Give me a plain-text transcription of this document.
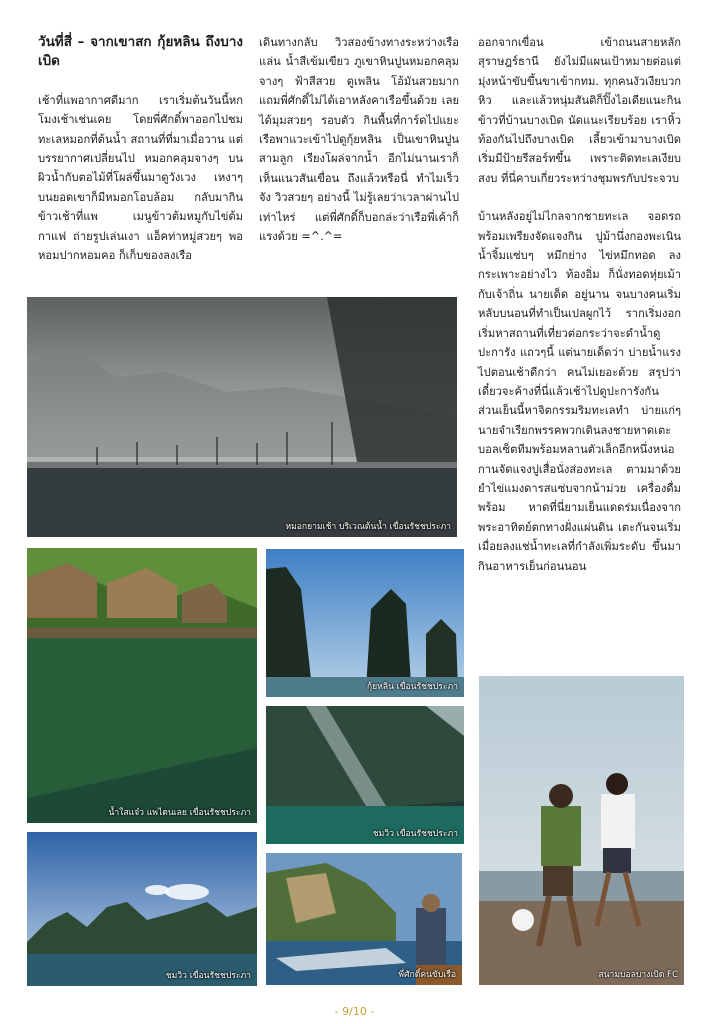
วันที่สี่ – จากเขาสก กุ้ยหลิน ถึงบางเบิด

เช้าที่แพอากาศดีมาก เราเริ่มต้นวันนี้หกโมงเช้าเช่นเคย โดยพี่ศักดิ์พาออกไปชมทะเลหมอกที่ต้นน้ำ สถานที่ที่มาเมื่อวาน แต่บรรยากาศเปลี่ยนไป หมอกคลุมจางๆ บนผิวน้ำกับตอไม้ที่โผล่ขึ้นมาดูวังเวง เหงาๆ บนยอดเขาก็มีหมอกโอบล้อม กลับมากินข้าวเช้าที่แพ เมนูข้าวต้มหมูกับไข่ต้ม กาแฟ ถ่ายรูปเล่นเงา แอ็คท่าหมู่สวยๆ พอหอมปากหอมคอ ก็เก็บของลงเรือ

เดินทางกลับ วิวสองข้างทางระหว่างเรือแล่น น้ำสีเข้มเขียว ภูเขาหินปูนหมอกคลุมจางๆ ฟ้าสีสวย ดูเพลิน โอ้มันสวยมาก แถมพี่ศักดิ์ไม่ได้เอาหลังคาเรือขึ้นด้วย เลยได้มุมสวยๆ รอบตัว กินพื้นที่การ์ดไปแยะ เรือพาแวะเข้าไปดูกุ้ยหลิน เป็นเขาหินปูนสามลูก เรียงโผล่จากน้ำ อีกไม่นานเราก็เห็นแนวสันเขื่อน ถึงแล้วหรือนี่ ทำไมเร็วจัง วิวสวยๆ อย่างนี้ ไม่รู้เลยว่าเวลาผ่านไปเท่าไหร่ แต่พี่ศักดิ์ก็บอกล่ะว่าเรือพี่เค้าก็แรงด้วย =^.^=

ออกจากเขื่อน เข้าถนนสายหลักสุราษฎร์ธานี ยังไม่มีแผนเป้าหมายต่อแต่มุ่งหน้าขับขึ้นขาเข้ากทม. ทุกคนงัวเงียบวกหิว และแล้วหนุ่มสันติก็ปิ๊งไอเดียแนะกินข้าวที่บ้านบางเบิด นัดแนะเรียบร้อย เราหิ้วท้องกันไปถึงบางเบิด เลี้ยวเข้ามาบางเบิดเริ่มมีป้ายรีสอร์ทขึ้น เพราะติดทะเลเงียบสงบ ที่นี่คาบเกี่ยวระหว่างชุมพรกับประจวบ

บ้านหลังอยู่ไม่ไกลจากชายทะเล จอดรถพร้อมเพรียงจัดแจงกิน ปูม้านึ่งกองพะเนิน น้ำจิ้มแซ่บๆ หมึกย่าง ไข่หมึกทอด ลงกระเพาะอย่างไว ท้องอิ่ม ก็นั่งทอดหุ่ยเม้ากับเจ้าถิ่น นายเด็ด อยู่นาน จนบางคนเริ่มหลับบนอนที่ทำเป็นเปลผูกไว้ รากเริ่มงอก เริ่มหาสถานที่เที่ยวต่อกระว่าจะดำน้ำดูปะการัง แถวๆนี้ แต่นายเด็ดว่า บ่ายน้ำแรง ไปตอนเช้าดีกว่า คนไม่เยอะด้วย สรุปว่าเดี๋ยวจะค้างที่นี่แล้วเช้าไปดูปะการังกัน ส่วนเย็นนี้หาจิตกรรมริมทะเลทำ บ่ายแก่ๆ นายจำเรียกพรรคพวกเดินลงชายหาดเตะบอลเซ็ตทีมพร้อมหลานตัวเล็กอีกหนึ่งหน่อ กานจัดแจงปูเสื่อนั่งส่องทะเล ตามมาด้วยยำไข่แมงดารสแซ่บจากน้าม่วย เครื่องดื่มพร้อม หาดที่นี่ยามเย็นแดดร่มเนื่องจากพระอาทิตย์ตกทางฝั่งแผ่นดิน เตะกันจนเริ่มเมื่อยลงแช่น้ำทะเลที่กำลังเพิ่มระดับ ขึ้นมากินอาหารเย็นก่อนนอน

หมอกยามเช้า บริเวณต้นน้ำ เขื่อนรัชชประภา
น้ำใสแจ๋ว แพไดนเลย เขื่อนรัชชประภา
กุ้ยหลิน เขื่อนรัชชประภา
ชมวิว เขื่อนรัชชประภา
ชมวิว เขื่อนรัชชประภา	พี่ศักดิ์คนขับเรือ	สนามบอลบางเบิด FC
- 9/10 -
